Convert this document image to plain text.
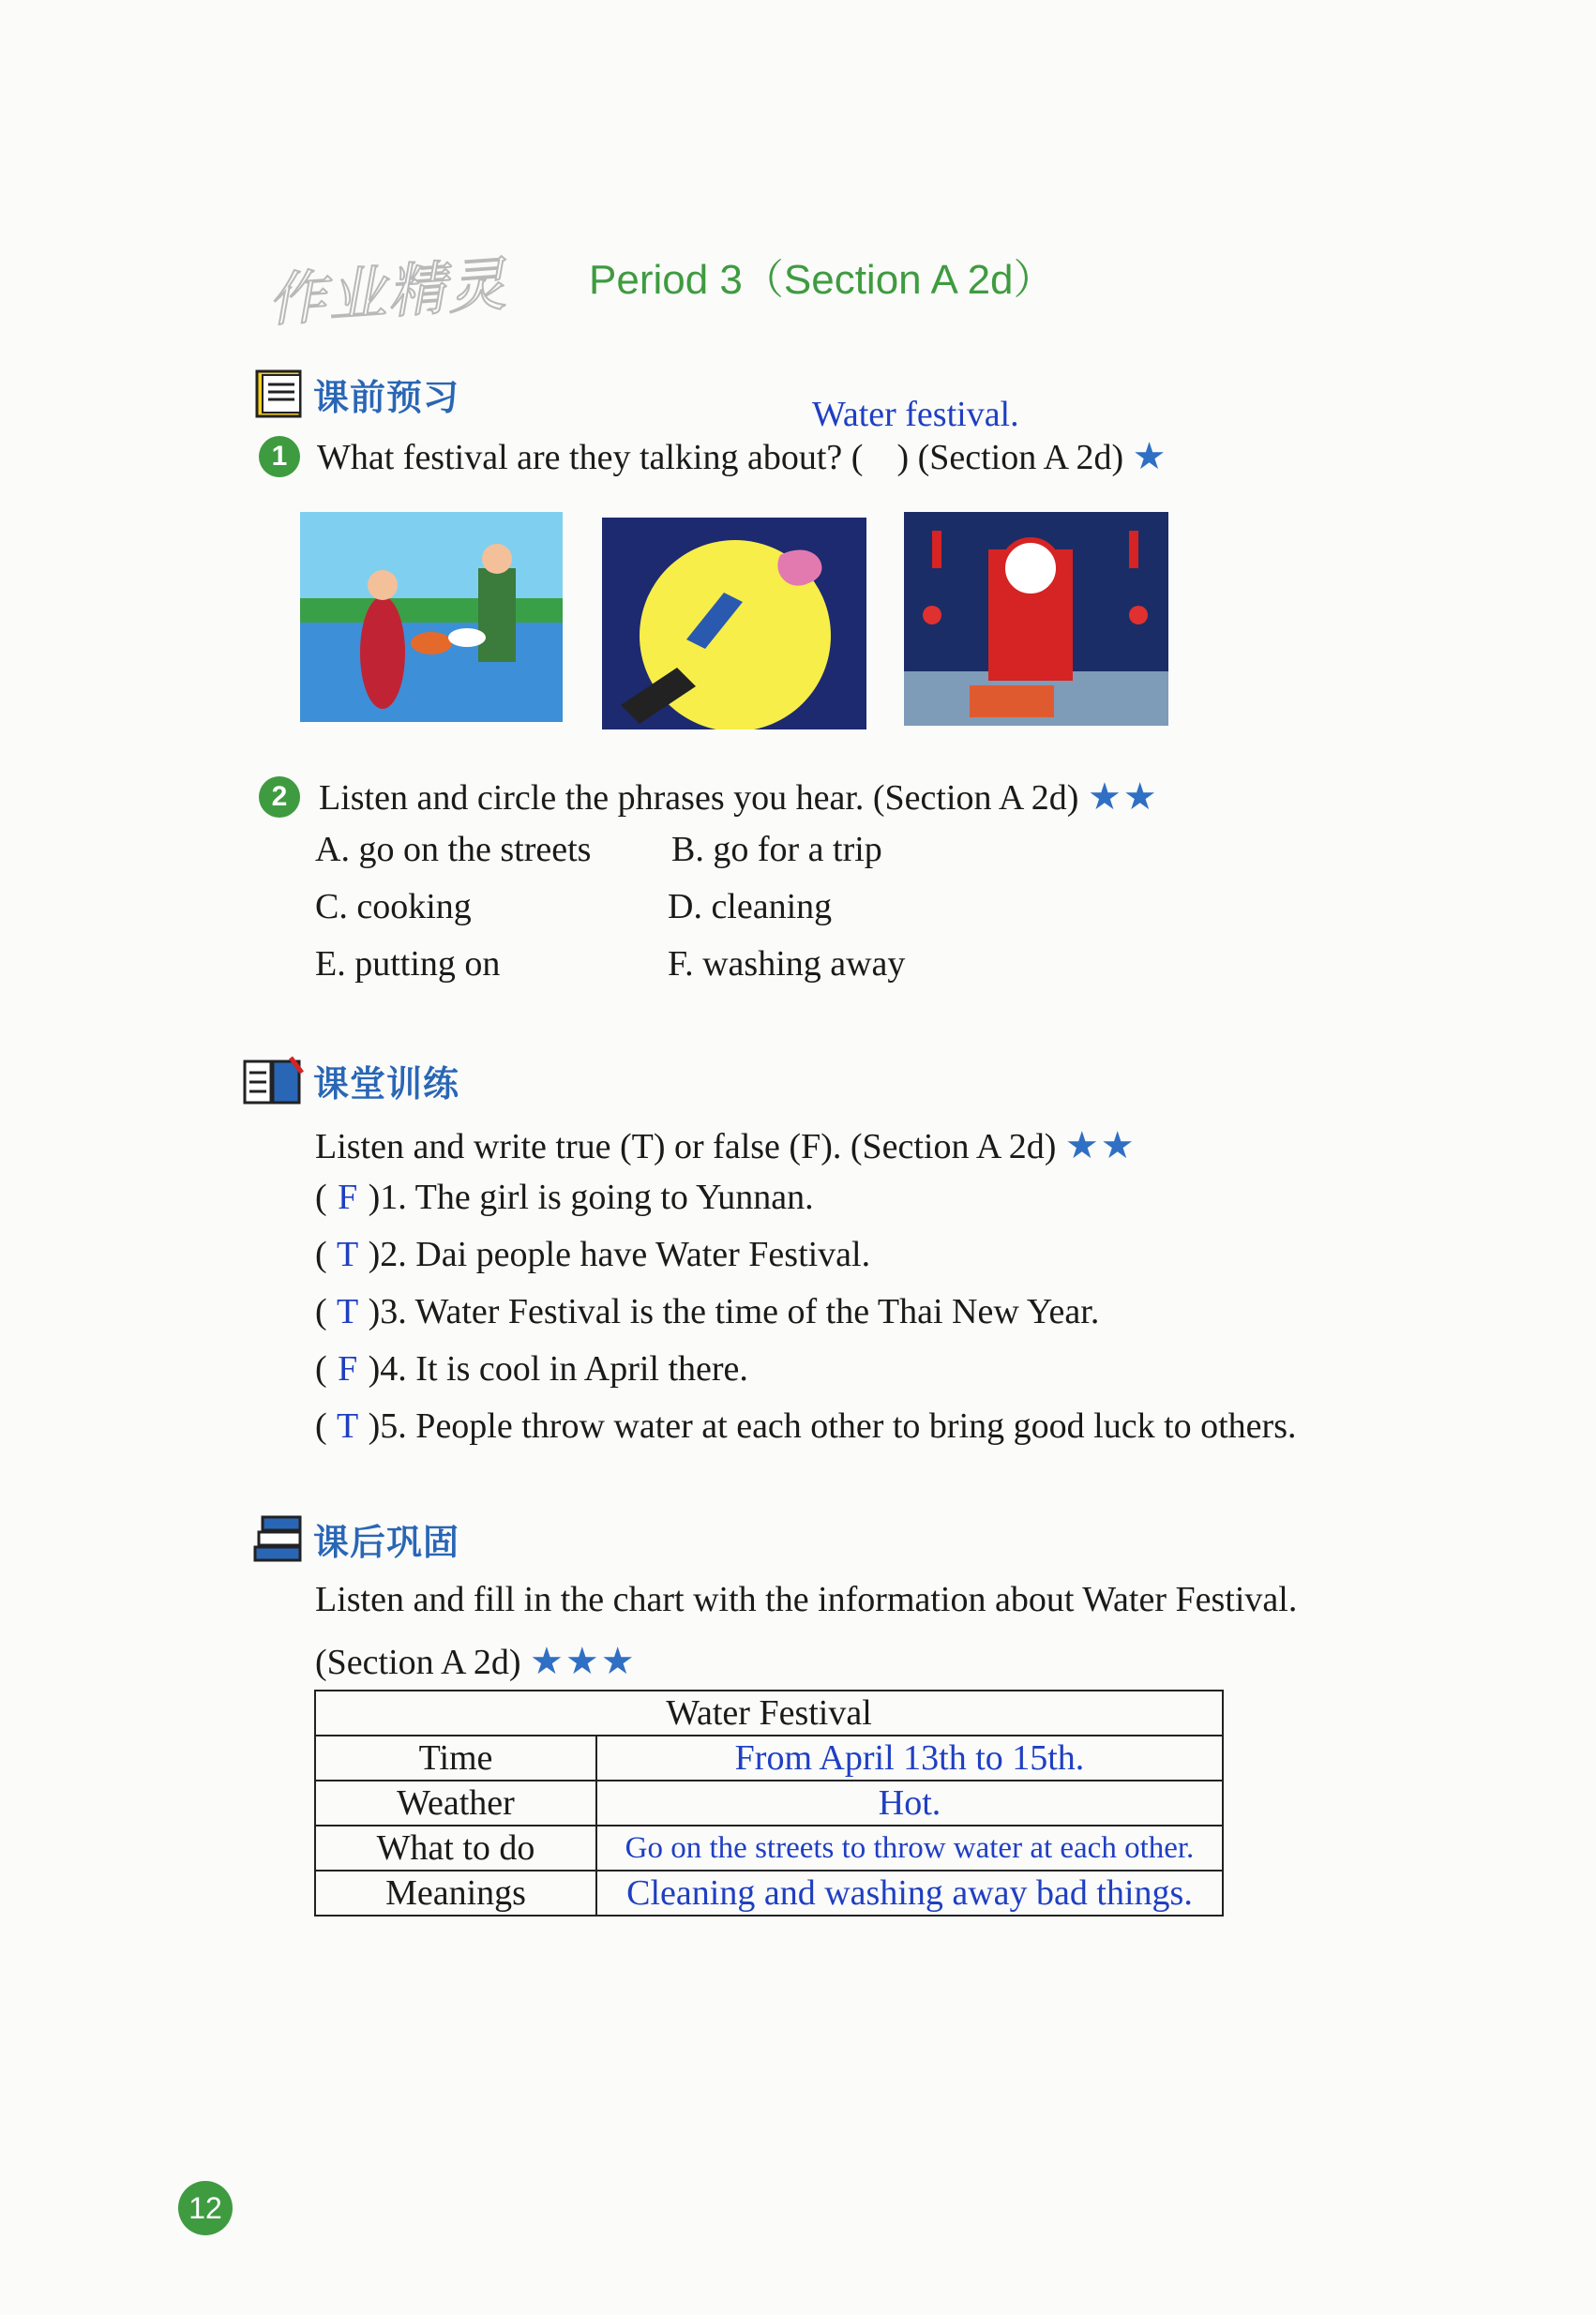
作业精灵 Period 3（Section A 2d）
课前预习	Water festival.
1 What festival are they talking about? ( ) (Section A 2d) ★
2 Listen and circle the phrases you hear. (Section A 2d) ★★
A. go on the streets B. go for a trip
C. cooking	D. cleaning
E. putting on	F. washing away
课堂训练
Listen and write true (T) or false (F). (Section A 2d) ★★
( F )1. The girl is going to Yunnan.
( T )2. Dai people have Water Festival.
( T )3. Water Festival is the time of the Thai New Year.
( F )4. It is cool in April there.
( T )5. People throw water at each other to bring good luck to others.
课后巩固
Listen and fill in the chart with the information about Water Festival.
(Section A 2d) ★★★
Water Festival	
Time	From April 13th to 15th.
Weather	Hot.
What to do	Go on the streets to throw water at each other.
Meanings	Cleaning and washing away bad things.
12
